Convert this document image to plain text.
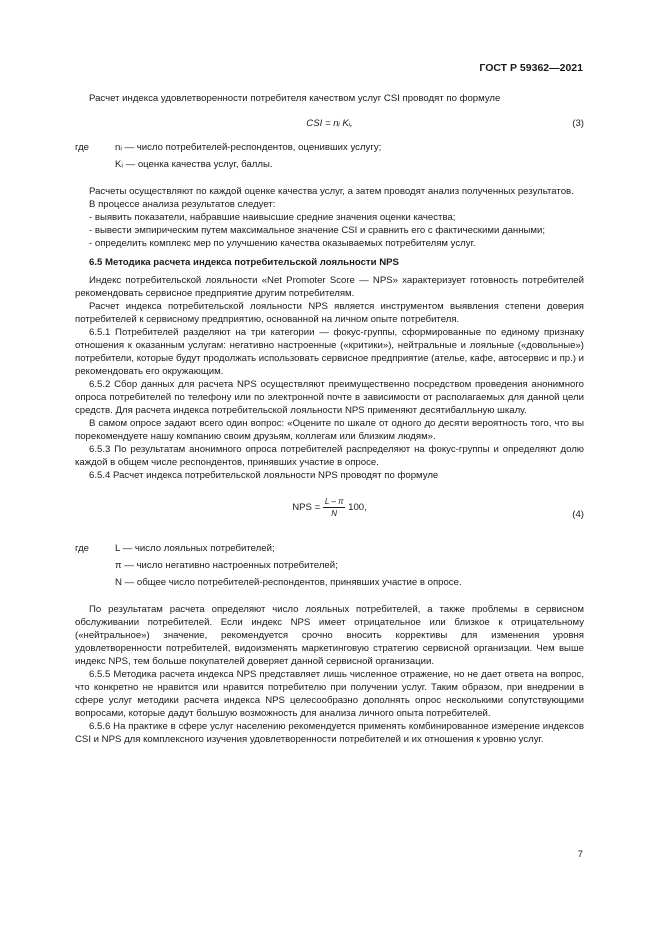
ГОСТ Р 59362—2021

Расчет индекса удовлетворенности потребителя качеством услуг CSI проводят по формуле

CSI = nᵢ Kᵢ,	(3)
где	nᵢ — число потребителей-респондентов, оценивших услугу;

Kᵢ — оценка качества услуг, баллы.

Расчеты осуществляют по каждой оценке качества услуг, а затем проводят анализ полученных результатов.

В процессе анализа результатов следует:

- выявить показатели, набравшие наивысшие средние значения оценки качества;

- вывести эмпирическим путем максимальное значение CSI и сравнить его с фактическими данными;

- определить комплекс мер по улучшению качества оказываемых потребителям услуг.

6.5 Методика расчета индекса потребительской лояльности NPS

Индекс потребительской лояльности «Net Promoter Score — NPS» характеризует готовность потребителей рекомендовать сервисное предприятие другим потребителям.

Расчет индекса потребительской лояльности NPS является инструментом выявления степени доверия потребителей к сервисному предприятию, основанной на личном опыте потребителя.

6.5.1 Потребителей разделяют на три категории — фокус-группы, сформированные по единому признаку отношения к оказанным услугам: негативно настроенные («критики»), нейтральные и лояльные («довольные») потребители, которые будут продолжать использовать сервисное предприятие (ателье, кафе, автосервис и пр.) и рекомендовать его окружающим.

6.5.2 Сбор данных для расчета NPS осуществляют преимущественно посредством проведения анонимного опроса потребителей по телефону или по электронной почте в зависимости от располагаемых для данной цели средств. Для расчета индекса потребительской лояльности NPS применяют десятибалльную шкалу.

В самом опросе задают всего один вопрос: «Оцените по шкале от одного до десяти вероятность того, что вы порекомендуете нашу компанию своим друзьям, коллегам или близким людям».

6.5.3 По результатам анонимного опроса потребителей распределяют на фокус-группы и определяют долю каждой в общем числе респондентов, принявших участие в опросе.

6.5.4 Расчет индекса потребительской лояльности NPS проводят по формуле

NPS = $\frac{L - \pi}{N} 100$,
(4)
где	L — число лояльных потребителей;

π — число негативно настроенных потребителей;

N — общее число потребителей-респондентов, принявших участие в опросе.

По результатам расчета определяют число лояльных потребителей, а также проблемы в сервисном обслуживании потребителей. Если индекс NPS имеет отрицательное или близкое к отрицательному («нейтральное») значение, рекомендуется срочно вносить коррективы для изменения уровня удовлетворенности потребителей, видоизменять маркетинговую стратегию сервисной организации. Чем выше индекс NPS, тем больше покупателей доверяет данной сервисной организации.

6.5.5 Методика расчета индекса NPS представляет лишь численное отражение, но не дает ответа на вопрос, что конкретно не нравится или нравится потребителю при получении услуг. Таким образом, при внедрении в сфере услуг методики расчета индекса NPS целесообразно дополнять опрос несколькими сопутствующими вопросами, которые дадут большую возможность для анализа личного опыта потребителей.

6.5.6 На практике в сфере услуг населению рекомендуется применять комбинированное измерение индексов CSI и NPS для комплексного изучения удовлетворенности потребителей и их отношения к уровню услуг.

7
